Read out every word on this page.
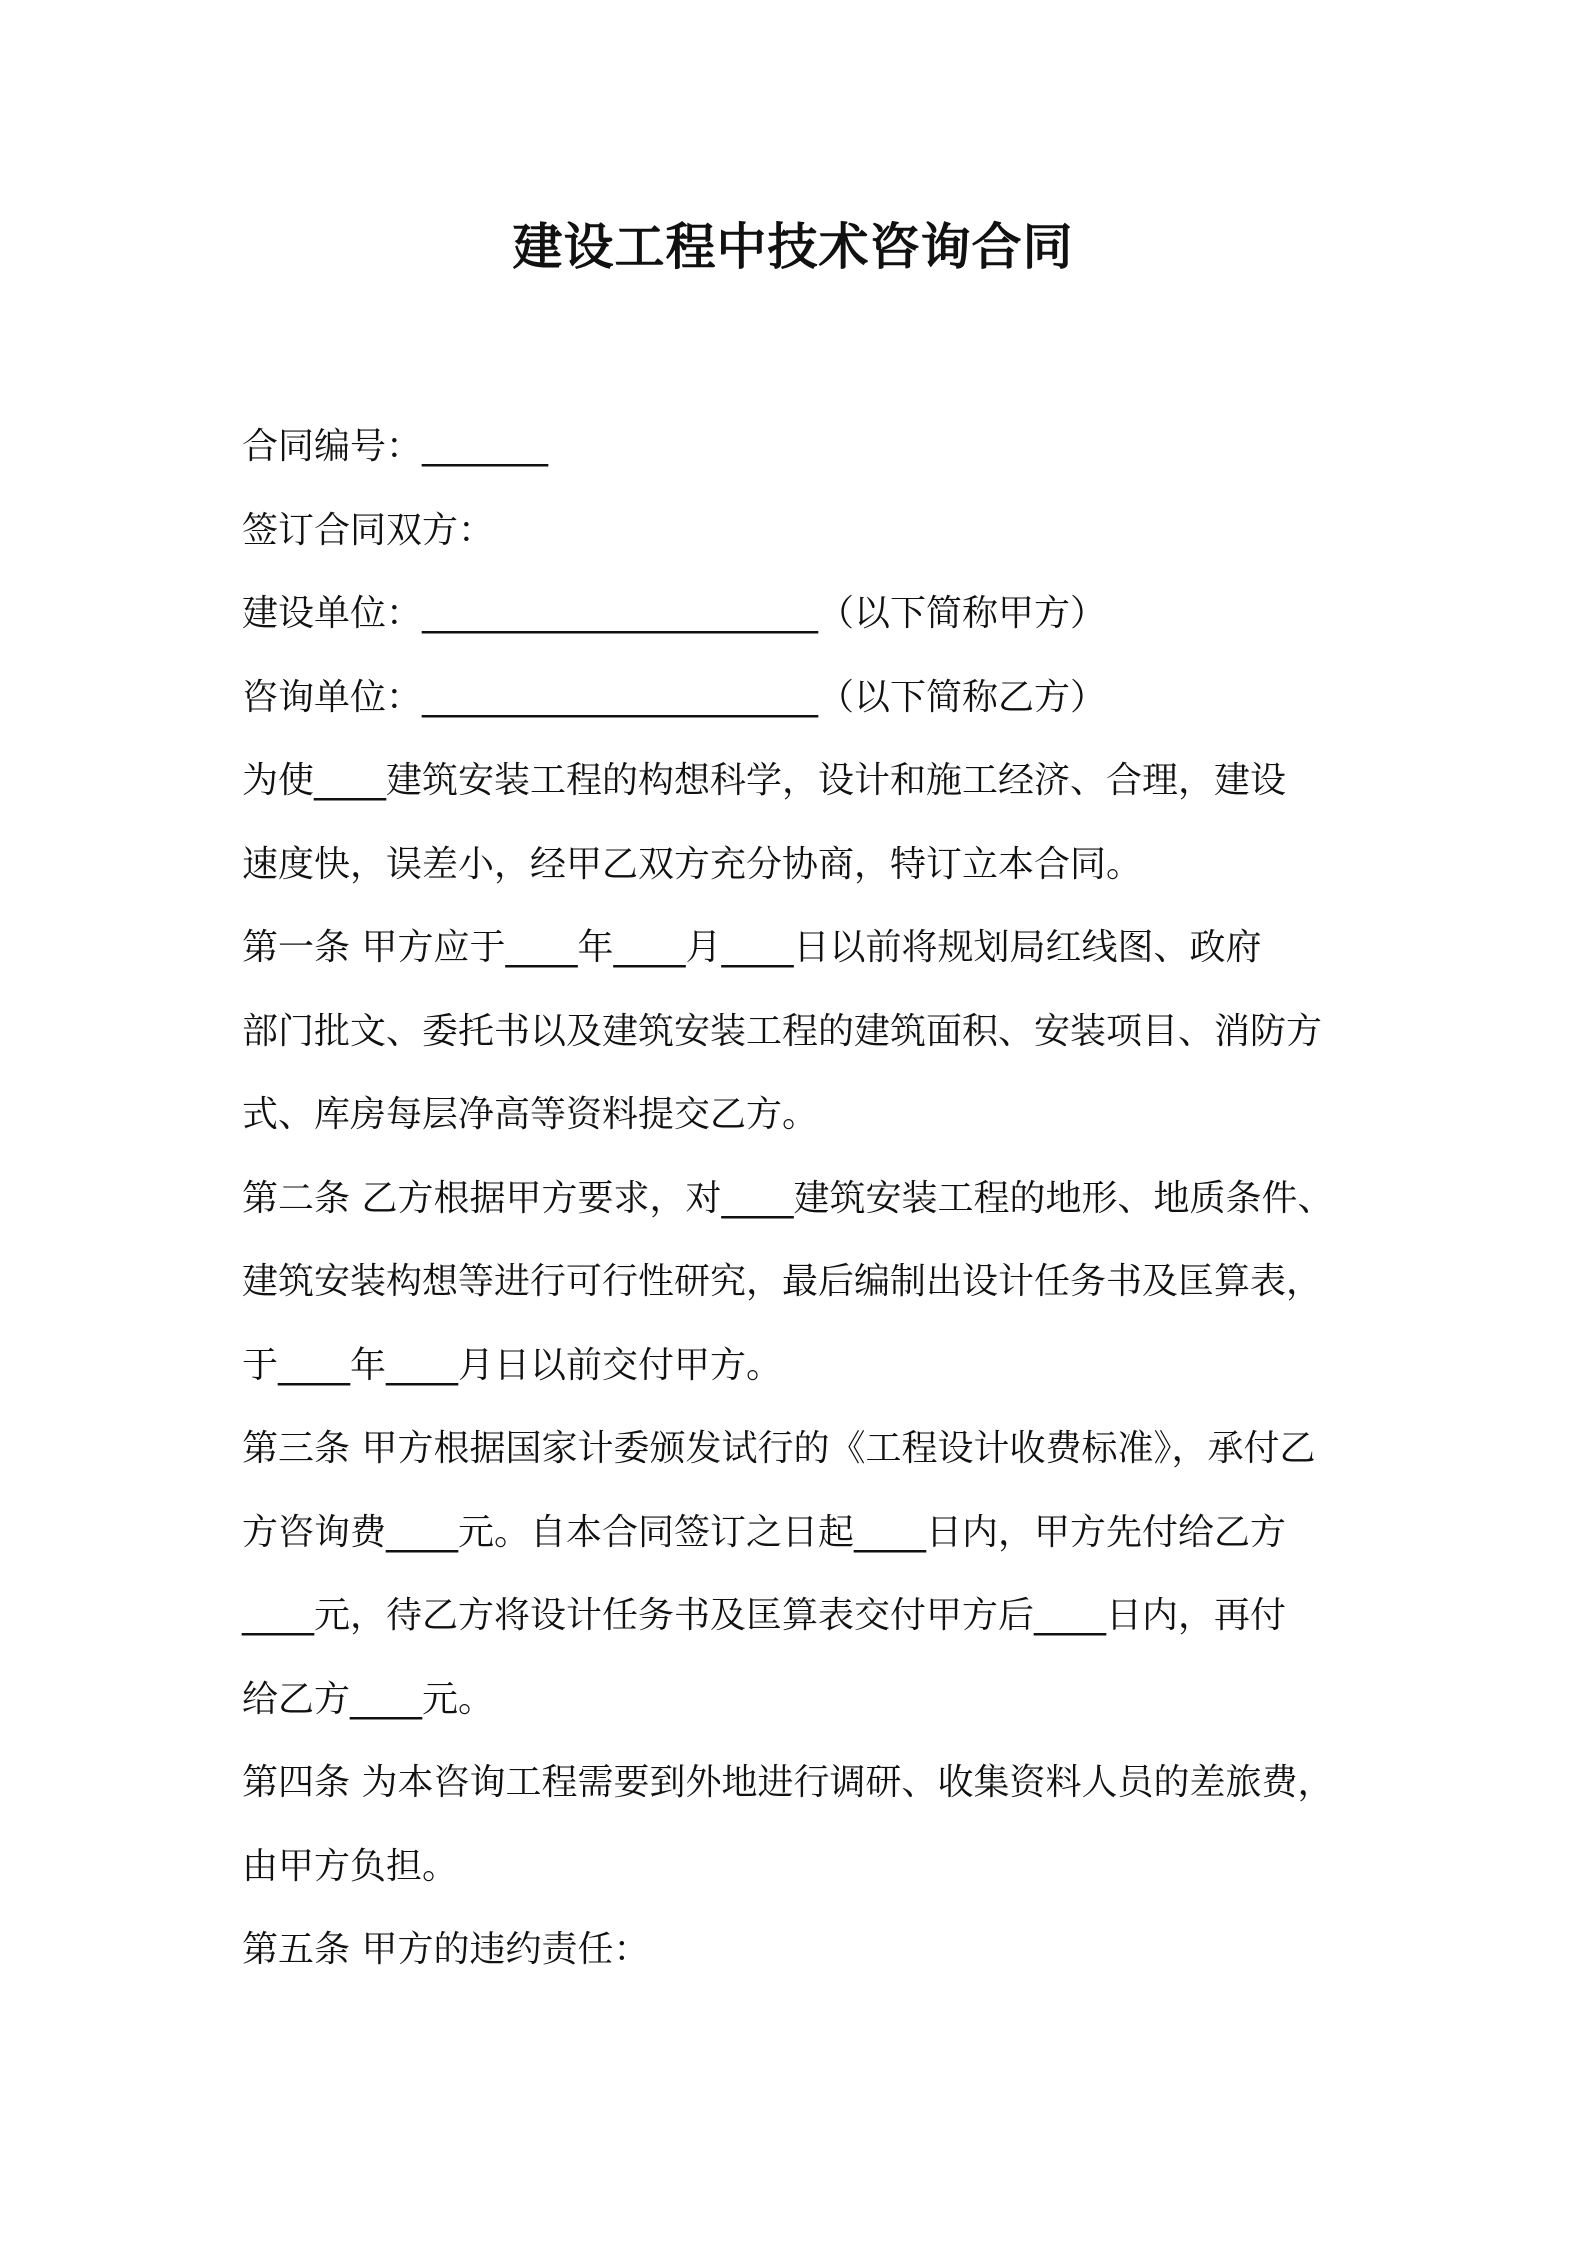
建设工程中技术咨询合同
合同编号：_______
签订合同双方：
建设单位：______________________（以下简称甲方）
咨询单位：______________________（以下简称乙方）
为使____建筑安装工程的构想科学，设计和施工经济、合理，建设
速度快，误差小，经甲乙双方充分协商，特订立本合同。
第一条 甲方应于____年____月____日以前将规划局红线图、政府
部门批文、委托书以及建筑安装工程的建筑面积、安装项目、消防方
式、库房每层净高等资料提交乙方。
第二条 乙方根据甲方要求，对____建筑安装工程的地形、地质条件、
建筑安装构想等进行可行性研究，最后编制出设计任务书及匡算表，
于____年____月日以前交付甲方。
第三条 甲方根据国家计委颁发试行的《工程设计收费标准》，承付乙
方咨询费____元。自本合同签订之日起____日内，甲方先付给乙方
____元，待乙方将设计任务书及匡算表交付甲方后____日内，再付
给乙方____元。
第四条 为本咨询工程需要到外地进行调研、收集资料人员的差旅费，
由甲方负担。
第五条 甲方的违约责任：
